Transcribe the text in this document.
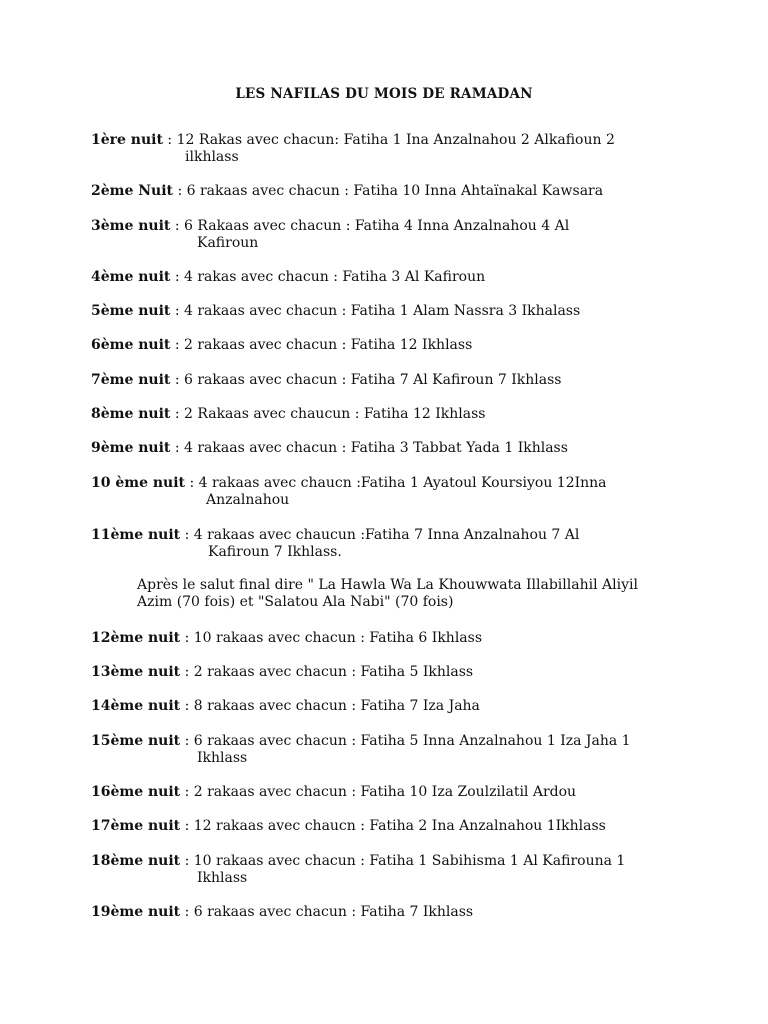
LES NAFILAS DU MOIS DE RAMADAN
1ère nuit : 12 Rakas avec chacun: Fatiha 1 Ina Anzalnahou 2 Alkafioun 2
ilkhlass
2ème Nuit : 6 rakaas avec chacun : Fatiha 10 Inna Ahtaïnakal Kawsara
3ème nuit : 6 Rakaas avec chacun : Fatiha 4 Inna Anzalnahou 4 Al
Kafiroun
4ème nuit : 4 rakas avec chacun : Fatiha 3 Al Kafiroun
5ème nuit : 4 rakaas avec chacun : Fatiha 1 Alam Nassra 3 Ikhalass
6ème nuit : 2 rakaas avec chacun : Fatiha 12 Ikhlass
7ème nuit : 6 rakaas avec chacun : Fatiha 7 Al Kafiroun 7 Ikhlass
8ème nuit : 2 Rakaas avec chaucun : Fatiha 12 Ikhlass
9ème nuit : 4 rakaas avec chacun : Fatiha 3 Tabbat Yada 1 Ikhlass
10 ème nuit : 4 rakaas avec chaucn :Fatiha 1 Ayatoul Koursiyou 12Inna
Anzalnahou
11ème nuit : 4 rakaas avec chaucun :Fatiha 7 Inna Anzalnahou 7 Al
Kafiroun 7 Ikhlass.
Après le salut final dire " La Hawla Wa La Khouwwata Illabillahil Aliyil
Azim (70 fois) et "Salatou Ala Nabi" (70 fois)
12ème nuit : 10 rakaas avec chacun : Fatiha 6 Ikhlass
13ème nuit : 2 rakaas avec chacun : Fatiha 5 Ikhlass
14ème nuit : 8 rakaas avec chacun : Fatiha 7 Iza Jaha
15ème nuit : 6 rakaas avec chacun : Fatiha 5 Inna Anzalnahou 1 Iza Jaha 1
Ikhlass
16ème nuit : 2 rakaas avec chacun : Fatiha 10 Iza Zoulzilatil Ardou
17ème nuit : 12 rakaas avec chaucn : Fatiha 2 Ina Anzalnahou 1Ikhlass
18ème nuit : 10 rakaas avec chacun : Fatiha 1 Sabihisma 1 Al Kafirouna 1
Ikhlass
19ème nuit : 6 rakaas avec chacun : Fatiha 7 Ikhlass
